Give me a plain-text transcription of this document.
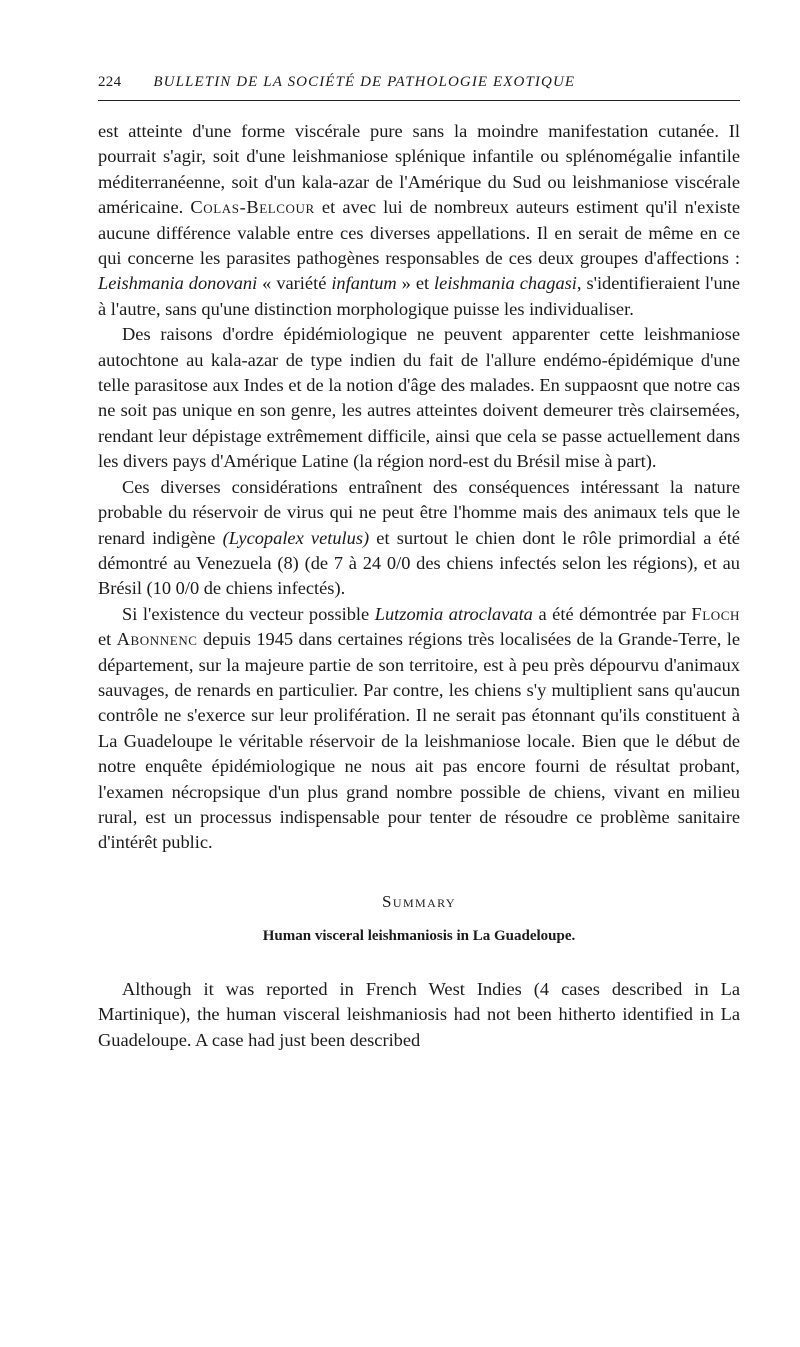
224 BULLETIN DE LA SOCIÉTÉ DE PATHOLOGIE EXOTIQUE

est atteinte d'une forme viscérale pure sans la moindre manifestation cutanée. Il pourrait s'agir, soit d'une leishmaniose splénique infantile ou splénomégalie infantile méditerranéenne, soit d'un kala-azar de l'Amérique du Sud ou leishmaniose viscérale américaine. Colas-Belcour et avec lui de nombreux auteurs estiment qu'il n'existe aucune différence valable entre ces diverses appellations. Il en serait de même en ce qui concerne les parasites pathogènes responsables de ces deux groupes d'affections : Leishmania donovani « variété infantum » et leishmania chagasi, s'identifieraient l'une à l'autre, sans qu'une distinction morphologique puisse les individualiser.

Des raisons d'ordre épidémiologique ne peuvent apparenter cette leishmaniose autochtone au kala-azar de type indien du fait de l'allure endémo-épidémique d'une telle parasitose aux Indes et de la notion d'âge des malades. En suppaosnt que notre cas ne soit pas unique en son genre, les autres atteintes doivent demeurer très clairsemées, rendant leur dépistage extrêmement difficile, ainsi que cela se passe actuellement dans les divers pays d'Amérique Latine (la région nord-est du Brésil mise à part).

Ces diverses considérations entraînent des conséquences intéressant la nature probable du réservoir de virus qui ne peut être l'homme mais des animaux tels que le renard indigène (Lycopalex vetulus) et surtout le chien dont le rôle primordial a été démontré au Venezuela (8) (de 7 à 24 0/0 des chiens infectés selon les régions), et au Brésil (10 0/0 de chiens infectés).

Si l'existence du vecteur possible Lutzomia atroclavata a été démontrée par Floch et Abonnenc depuis 1945 dans certaines régions très localisées de la Grande-Terre, le département, sur la majeure partie de son territoire, est à peu près dépourvu d'animaux sauvages, de renards en particulier. Par contre, les chiens s'y multiplient sans qu'aucun contrôle ne s'exerce sur leur prolifération. Il ne serait pas étonnant qu'ils constituent à La Guadeloupe le véritable réservoir de la leishmaniose locale. Bien que le début de notre enquête épidémiologique ne nous ait pas encore fourni de résultat probant, l'examen nécropsique d'un plus grand nombre possible de chiens, vivant en milieu rural, est un processus indispensable pour tenter de résoudre ce problème sanitaire d'intérêt public.

Summary
Human visceral leishmaniosis in La Guadeloupe.

Although it was reported in French West Indies (4 cases described in La Martinique), the human visceral leishmaniosis had not been hitherto identified in La Guadeloupe. A case had just been described
